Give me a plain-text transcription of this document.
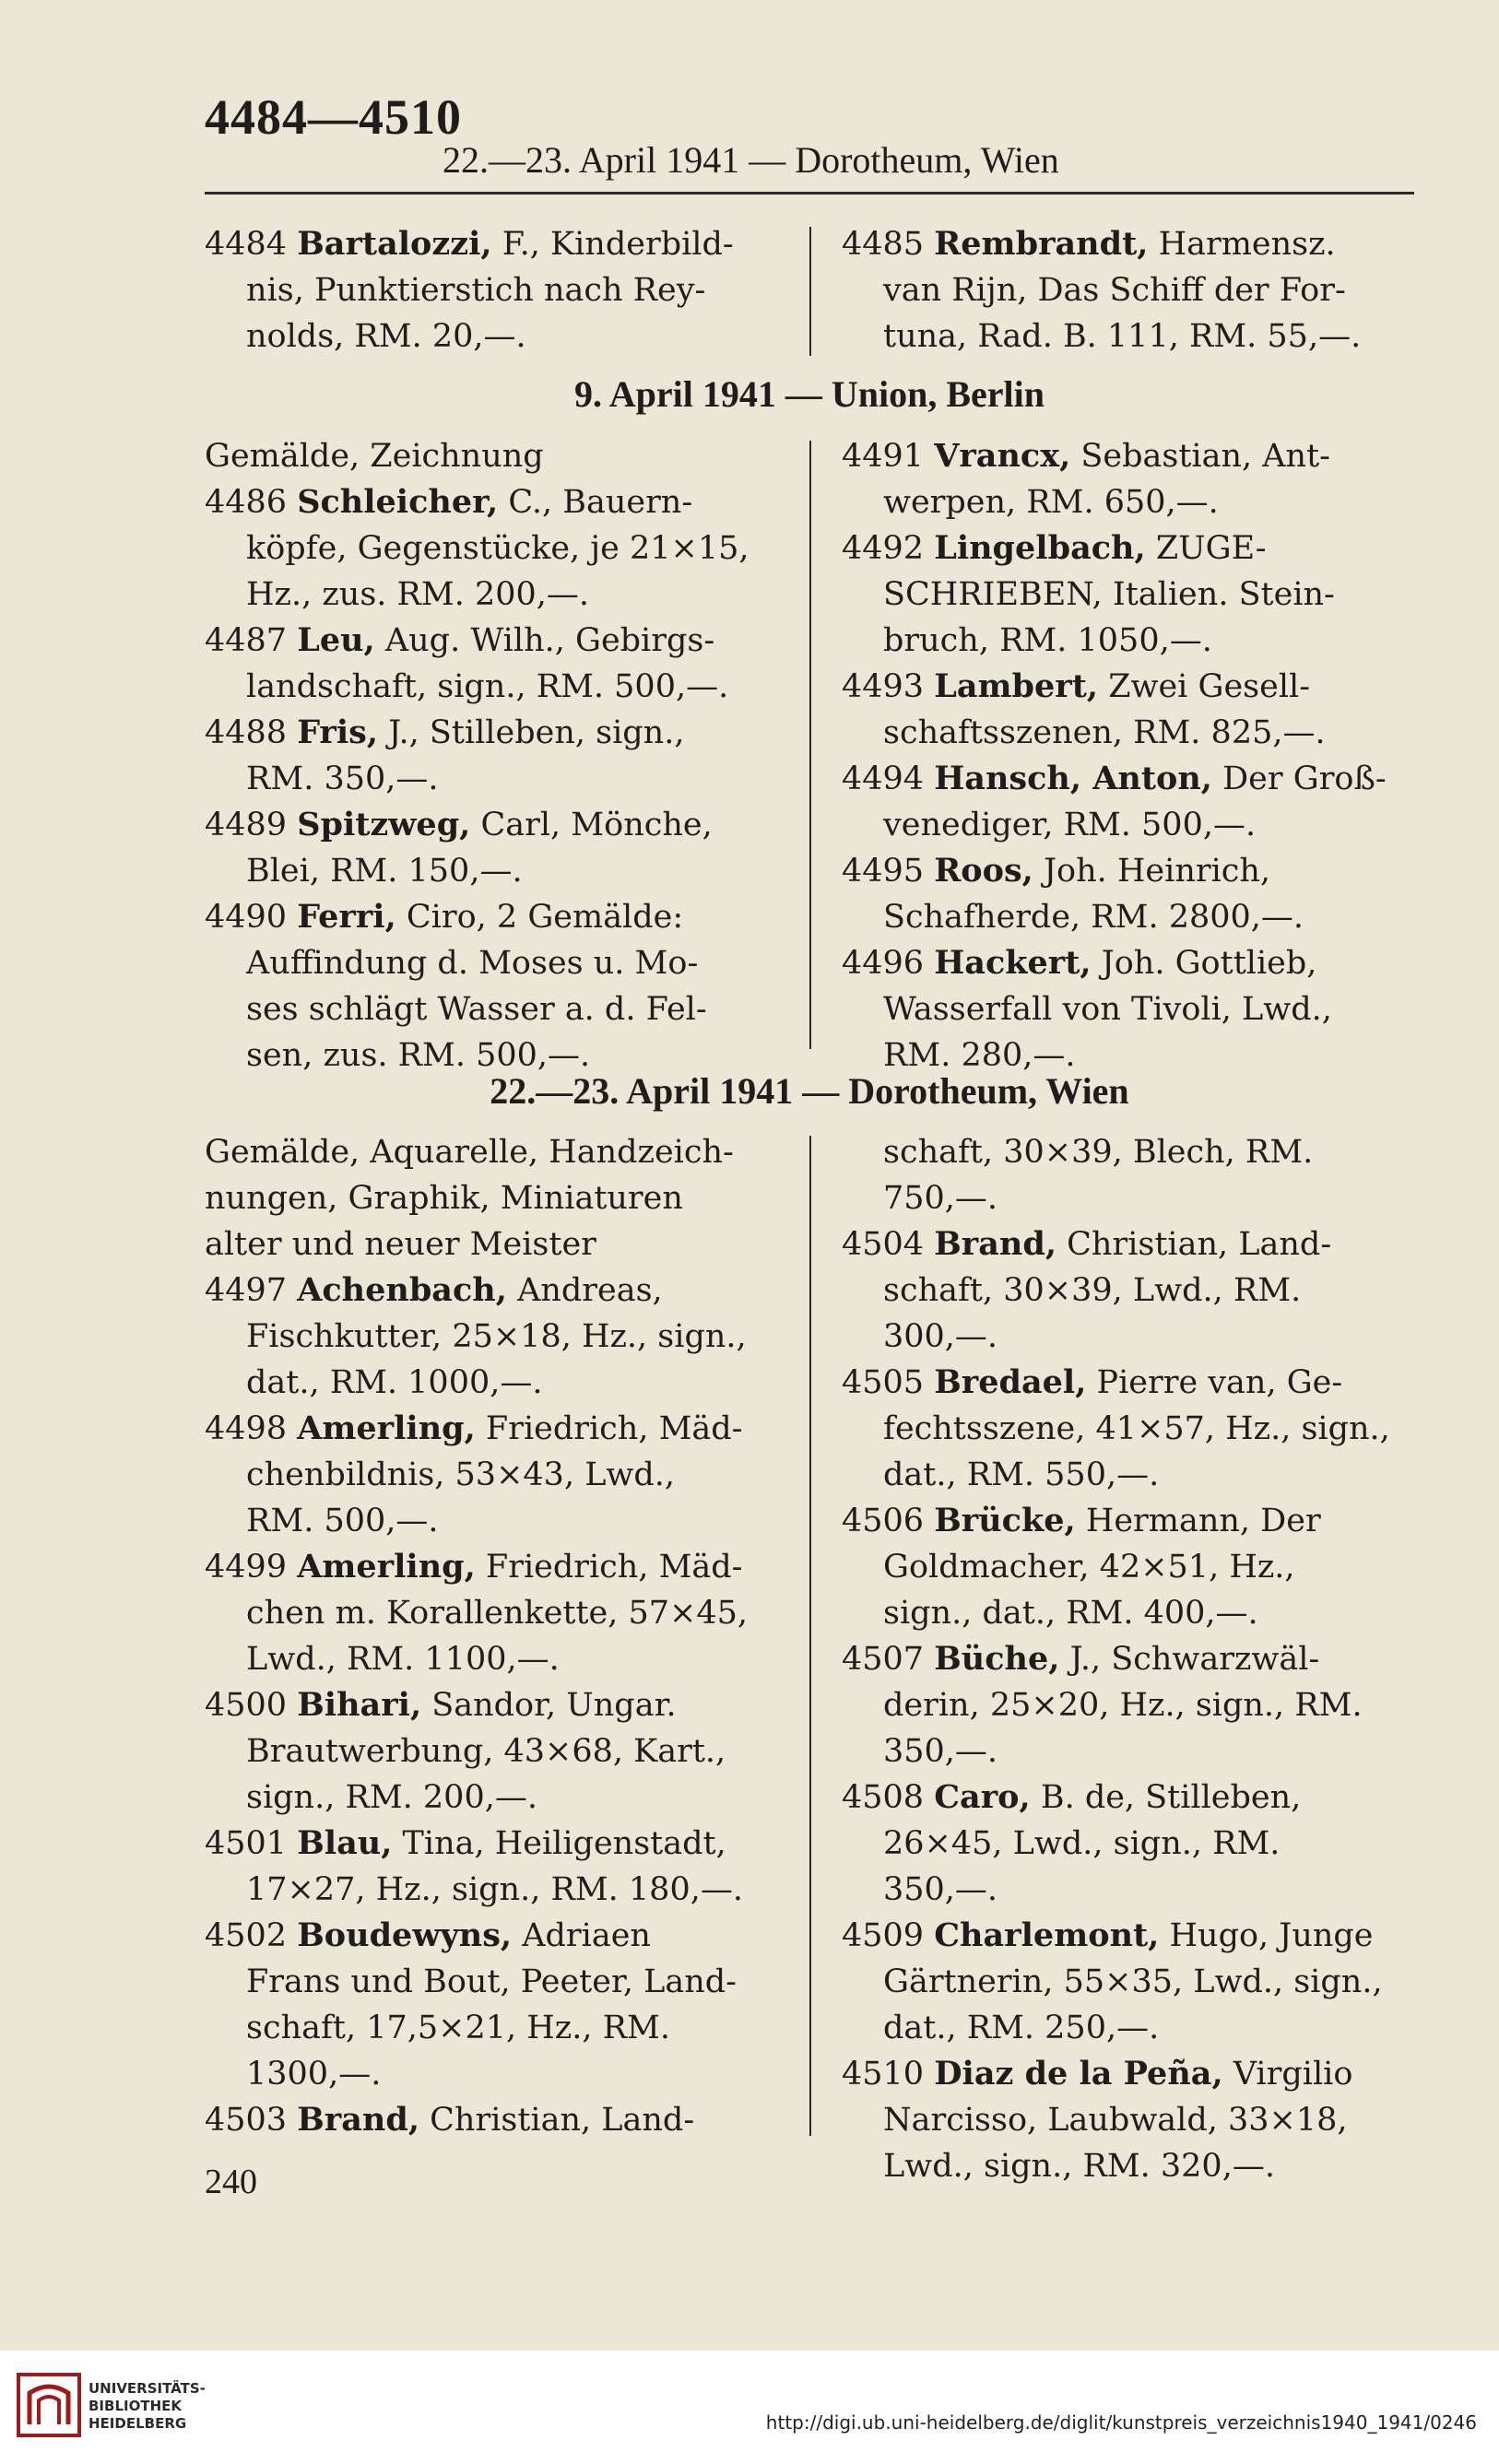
4484—4510
22.—23. April 1941 — Dorotheum, Wien
4484 Bartalozzi, F., Kinderbild-
nis, Punktierstich nach Rey-
nolds, RM. 20,—.
4485 Rembrandt, Harmensz.
van Rijn, Das Schiff der For-
tuna, Rad. B. 111, RM. 55,—.
9. April 1941 — Union, Berlin
Gemälde, Zeichnung
4486 Schleicher, C., Bauern-
köpfe, Gegenstücke, je 21×15,
Hz., zus. RM. 200,—.
4487 Leu, Aug. Wilh., Gebirgs-
landschaft, sign., RM. 500,—.
4488 Fris, J., Stilleben, sign.,
RM. 350,—.
4489 Spitzweg, Carl, Mönche,
Blei, RM. 150,—.
4490 Ferri, Ciro, 2 Gemälde:
Auffindung d. Moses u. Mo-
ses schlägt Wasser a. d. Fel-
sen, zus. RM. 500,—.
4491 Vrancx, Sebastian, Ant-
werpen, RM. 650,—.
4492 Lingelbach, ZUGE-
SCHRIEBEN, Italien. Stein-
bruch, RM. 1050,—.
4493 Lambert, Zwei Gesell-
schaftsszenen, RM. 825,—.
4494 Hansch, Anton, Der Groß-
venediger, RM. 500,—.
4495 Roos, Joh. Heinrich,
Schafherde, RM. 2800,—.
4496 Hackert, Joh. Gottlieb,
Wasserfall von Tivoli, Lwd.,
RM. 280,—.
22.—23. April 1941 — Dorotheum, Wien
Gemälde, Aquarelle, Handzeich-
nungen, Graphik, Miniaturen
alter und neuer Meister
4497 Achenbach, Andreas,
Fischkutter, 25×18, Hz., sign.,
dat., RM. 1000,—.
4498 Amerling, Friedrich, Mäd-
chenbildnis, 53×43, Lwd.,
RM. 500,—.
4499 Amerling, Friedrich, Mäd-
chen m. Korallenkette, 57×45,
Lwd., RM. 1100,—.
4500 Bihari, Sandor, Ungar.
Brautwerbung, 43×68, Kart.,
sign., RM. 200,—.
4501 Blau, Tina, Heiligenstadt,
17×27, Hz., sign., RM. 180,—.
4502 Boudewyns, Adriaen
Frans und Bout, Peeter, Land-
schaft, 17,5×21, Hz., RM.
1300,—.
4503 Brand, Christian, Land-
schaft, 30×39, Blech, RM.
750,—.
4504 Brand, Christian, Land-
schaft, 30×39, Lwd., RM.
300,—.
4505 Bredael, Pierre van, Ge-
fechtsszene, 41×57, Hz., sign.,
dat., RM. 550,—.
4506 Brücke, Hermann, Der
Goldmacher, 42×51, Hz.,
sign., dat., RM. 400,—.
4507 Büche, J., Schwarzwäl-
derin, 25×20, Hz., sign., RM.
350,—.
4508 Caro, B. de, Stilleben,
26×45, Lwd., sign., RM.
350,—.
4509 Charlemont, Hugo, Junge
Gärtnerin, 55×35, Lwd., sign.,
dat., RM. 250,—.
4510 Diaz de la Peña, Virgilio
Narcisso, Laubwald, 33×18,
Lwd., sign., RM. 320,—.
240
UNIVERSITÄTS-
BIBLIOTHEK
HEIDELBERG	http://digi.ub.uni-heidelberg.de/diglit/kunstpreis_verzeichnis1940_1941/0246
